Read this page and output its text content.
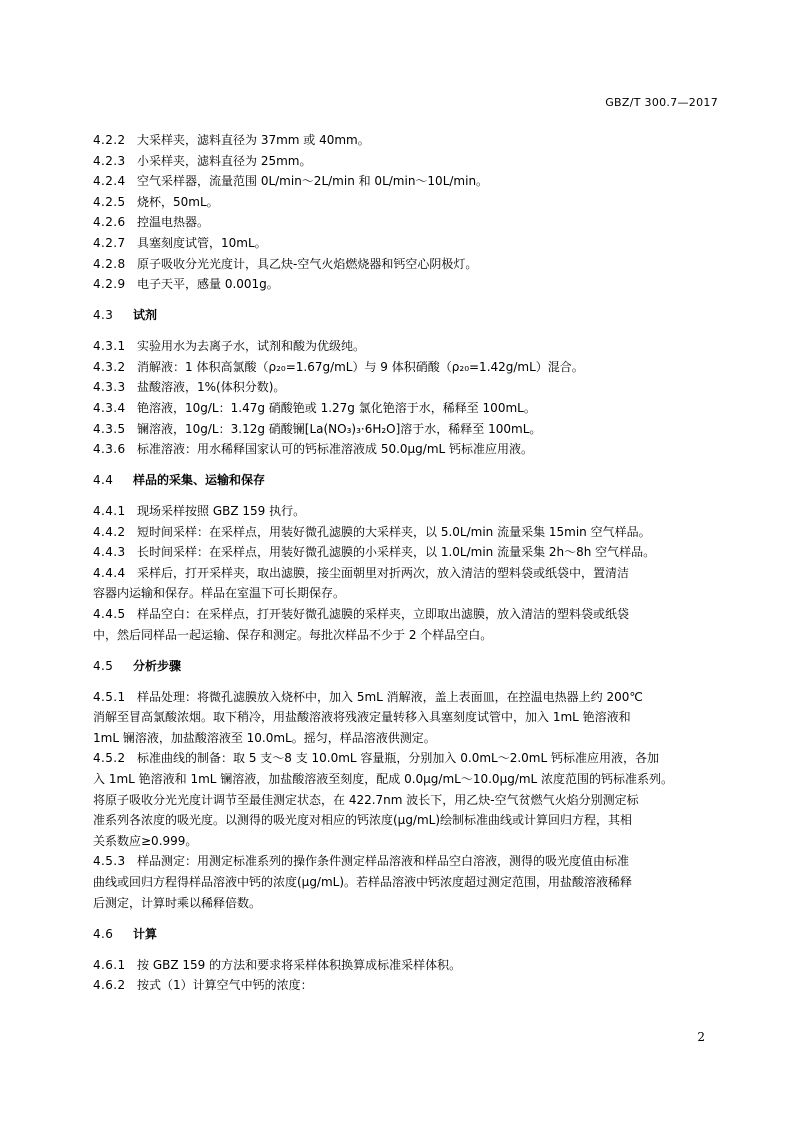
GBZ/T 300.7—2017
4.2.2 大采样夹，滤料直径为 37mm 或 40mm。
4.2.3 小采样夹，滤料直径为 25mm。
4.2.4 空气采样器，流量范围 0L/min～2L/min 和 0L/min～10L/min。
4.2.5 烧杯，50mL。
4.2.6 控温电热器。
4.2.7 具塞刻度试管，10mL。
4.2.8 原子吸收分光光度计，具乙炔-空气火焰燃烧器和钙空心阴极灯。
4.2.9 电子天平，感量 0.001g。
4.3 试剂
4.3.1 实验用水为去离子水，试剂和酸为优级纯。
4.3.2 消解液：1 体积高氯酸（ρ₂₀=1.67g/mL）与 9 体积硝酸（ρ₂₀=1.42g/mL）混合。
4.3.3 盐酸溶液，1%(体积分数)。
4.3.4 铯溶液，10g/L：1.47g 硝酸铯或 1.27g 氯化铯溶于水，稀释至 100mL。
4.3.5 镧溶液，10g/L：3.12g 硝酸镧[La(NO₃)₃·6H₂O]溶于水，稀释至 100mL。
4.3.6 标准溶液：用水稀释国家认可的钙标准溶液成 50.0μg/mL 钙标准应用液。
4.4 样品的采集、运输和保存
4.4.1 现场采样按照 GBZ 159 执行。
4.4.2 短时间采样：在采样点，用装好微孔滤膜的大采样夹，以 5.0L/min 流量采集 15min 空气样品。
4.4.3 长时间采样：在采样点，用装好微孔滤膜的小采样夹，以 1.0L/min 流量采集 2h～8h 空气样品。
4.4.4 采样后，打开采样夹，取出滤膜，接尘面朝里对折两次，放入清洁的塑料袋或纸袋中，置清洁
容器内运输和保存。样品在室温下可长期保存。
4.4.5 样品空白：在采样点，打开装好微孔滤膜的采样夹，立即取出滤膜，放入清洁的塑料袋或纸袋
中，然后同样品一起运输、保存和测定。每批次样品不少于 2 个样品空白。
4.5 分析步骤
4.5.1 样品处理：将微孔滤膜放入烧杯中，加入 5mL 消解液，盖上表面皿，在控温电热器上约 200℃
消解至冒高氯酸浓烟。取下稍冷，用盐酸溶液将残液定量转移入具塞刻度试管中，加入 1mL 铯溶液和
1mL 镧溶液，加盐酸溶液至 10.0mL。摇匀，样品溶液供测定。
4.5.2 标准曲线的制备：取 5 支～8 支 10.0mL 容量瓶，分别加入 0.0mL～2.0mL 钙标准应用液，各加
入 1mL 铯溶液和 1mL 镧溶液，加盐酸溶液至刻度，配成 0.0μg/mL～10.0μg/mL 浓度范围的钙标准系列。
将原子吸收分光光度计调节至最佳测定状态，在 422.7nm 波长下，用乙炔-空气贫燃气火焰分别测定标
准系列各浓度的吸光度。以测得的吸光度对相应的钙浓度(μg/mL)绘制标准曲线或计算回归方程，其相
关系数应≥0.999。
4.5.3 样品测定：用测定标准系列的操作条件测定样品溶液和样品空白溶液，测得的吸光度值由标准
曲线或回归方程得样品溶液中钙的浓度(μg/mL)。若样品溶液中钙浓度超过测定范围，用盐酸溶液稀释
后测定，计算时乘以稀释倍数。
4.6 计算
4.6.1 按 GBZ 159 的方法和要求将采样体积换算成标准采样体积。
4.6.2 按式（1）计算空气中钙的浓度：
2
